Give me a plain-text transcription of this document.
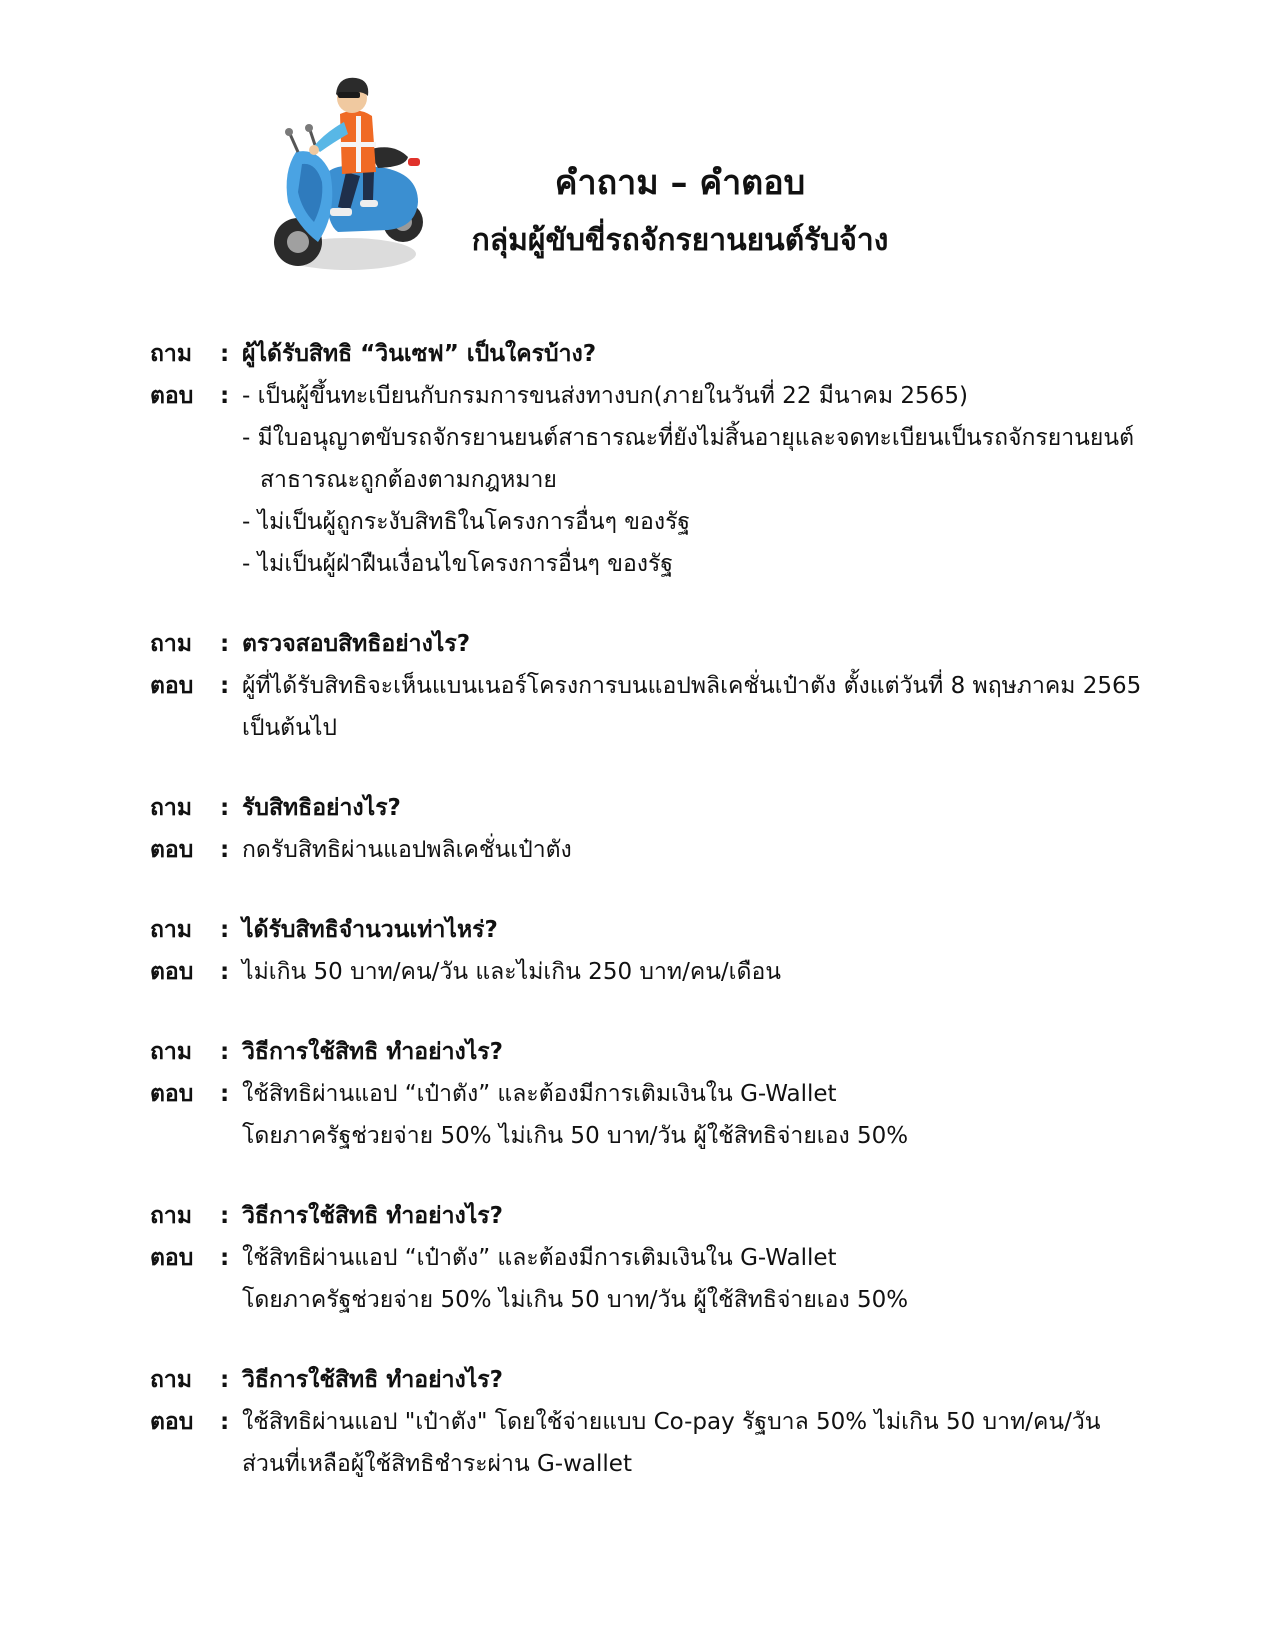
คำถาม – คำตอบ
กลุ่มผู้ขับขี่รถจักรยานยนต์รับจ้าง
ถาม	: ผู้ได้รับสิทธิ “วินเซฟ” เป็นใครบ้าง?
ตอบ	: - เป็นผู้ขึ้นทะเบียนกับกรมการขนส่งทางบก(ภายในวันที่ 22 มีนาคม 2565)
- มีใบอนุญาตขับรถจักรยานยนต์สาธารณะที่ยังไม่สิ้นอายุและจดทะเบียนเป็นรถจักรยานยนต์
สาธารณะถูกต้องตามกฎหมาย
- ไม่เป็นผู้ถูกระงับสิทธิในโครงการอื่นๆ ของรัฐ
- ไม่เป็นผู้ฝ่าฝืนเงื่อนไขโครงการอื่นๆ ของรัฐ
ถาม	: ตรวจสอบสิทธิอย่างไร?
ตอบ	: ผู้ที่ได้รับสิทธิจะเห็นแบนเนอร์โครงการบนแอปพลิเคชั่นเป๋าตัง ตั้งแต่วันที่ 8 พฤษภาคม 2565
เป็นต้นไป
ถาม	: รับสิทธิอย่างไร?
ตอบ	: กดรับสิทธิผ่านแอปพลิเคชั่นเป๋าตัง
ถาม	: ได้รับสิทธิจำนวนเท่าไหร่?
ตอบ	: ไม่เกิน 50 บาท/คน/วัน และไม่เกิน 250 บาท/คน/เดือน
ถาม	: วิธีการใช้สิทธิ ทำอย่างไร?
ตอบ	: ใช้สิทธิผ่านแอป “เป๋าตัง” และต้องมีการเติมเงินใน G-Wallet
โดยภาครัฐช่วยจ่าย 50% ไม่เกิน 50 บาท/วัน ผู้ใช้สิทธิจ่ายเอง 50%
ถาม	: วิธีการใช้สิทธิ ทำอย่างไร?
ตอบ	: ใช้สิทธิผ่านแอป “เป๋าตัง” และต้องมีการเติมเงินใน G-Wallet
โดยภาครัฐช่วยจ่าย 50% ไม่เกิน 50 บาท/วัน ผู้ใช้สิทธิจ่ายเอง 50%
ถาม	: วิธีการใช้สิทธิ ทำอย่างไร?
ตอบ	: ใช้สิทธิผ่านแอป "เป๋าตัง" โดยใช้จ่ายแบบ Co-pay รัฐบาล 50% ไม่เกิน 50 บาท/คน/วัน
ส่วนที่เหลือผู้ใช้สิทธิชำระผ่าน G-wallet
